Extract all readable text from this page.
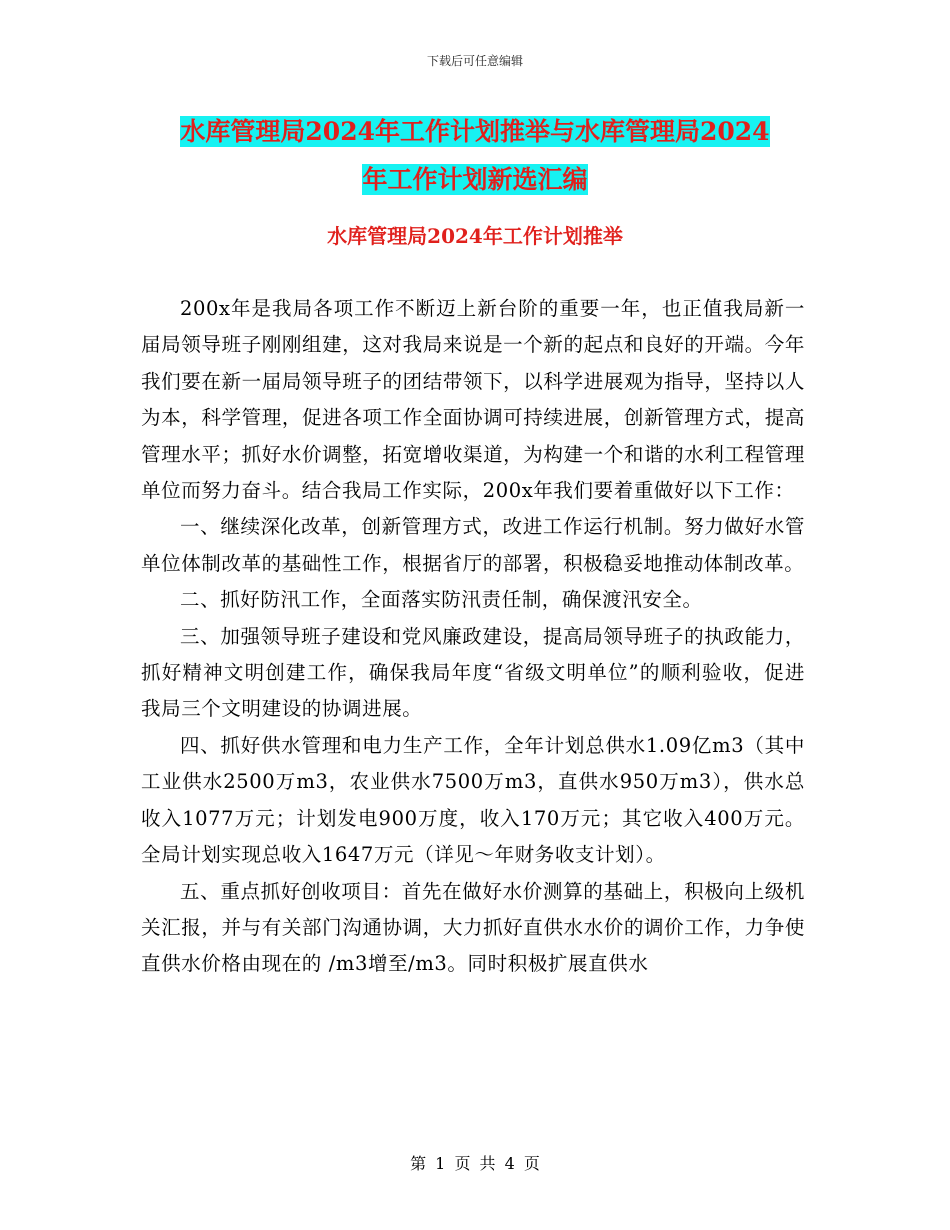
下载后可任意编辑
水库管理局2024年工作计划推举与水库管理局2024
年工作计划新选汇编
水库管理局2024年工作计划推举

200x年是我局各项工作不断迈上新台阶的重要一年，也正值我局新一届局领导班子刚刚组建，这对我局来说是一个新的起点和良好的开端。今年我们要在新一届局领导班子的团结带领下，以科学进展观为指导，坚持以人为本，科学管理，促进各项工作全面协调可持续进展，创新管理方式，提高管理水平；抓好水价调整，拓宽增收渠道，为构建一个和谐的水利工程管理单位而努力奋斗。结合我局工作实际，200x年我们要着重做好以下工作：

一、继续深化改革，创新管理方式，改进工作运行机制。努力做好水管单位体制改革的基础性工作，根据省厅的部署，积极稳妥地推动体制改革。

二、抓好防汛工作，全面落实防汛责任制，确保渡汛安全。

三、加强领导班子建设和党风廉政建设，提高局领导班子的执政能力，抓好精神文明创建工作，确保我局年度“省级文明单位”的顺利验收，促进我局三个文明建设的协调进展。

四、抓好供水管理和电力生产工作，全年计划总供水1.09亿m3（其中工业供水2500万m3，农业供水7500万m3，直供水950万m3），供水总收入1077万元；计划发电900万度，收入170万元；其它收入400万元。全局计划实现总收入1647万元（详见～年财务收支计划）。

五、重点抓好创收项目：首先在做好水价测算的基础上，积极向上级机关汇报，并与有关部门沟通协调，大力抓好直供水水价的调价工作，力争使直供水价格由现在的 /m3增至/m3。同时积极扩展直供水

第 1 页 共 4 页
